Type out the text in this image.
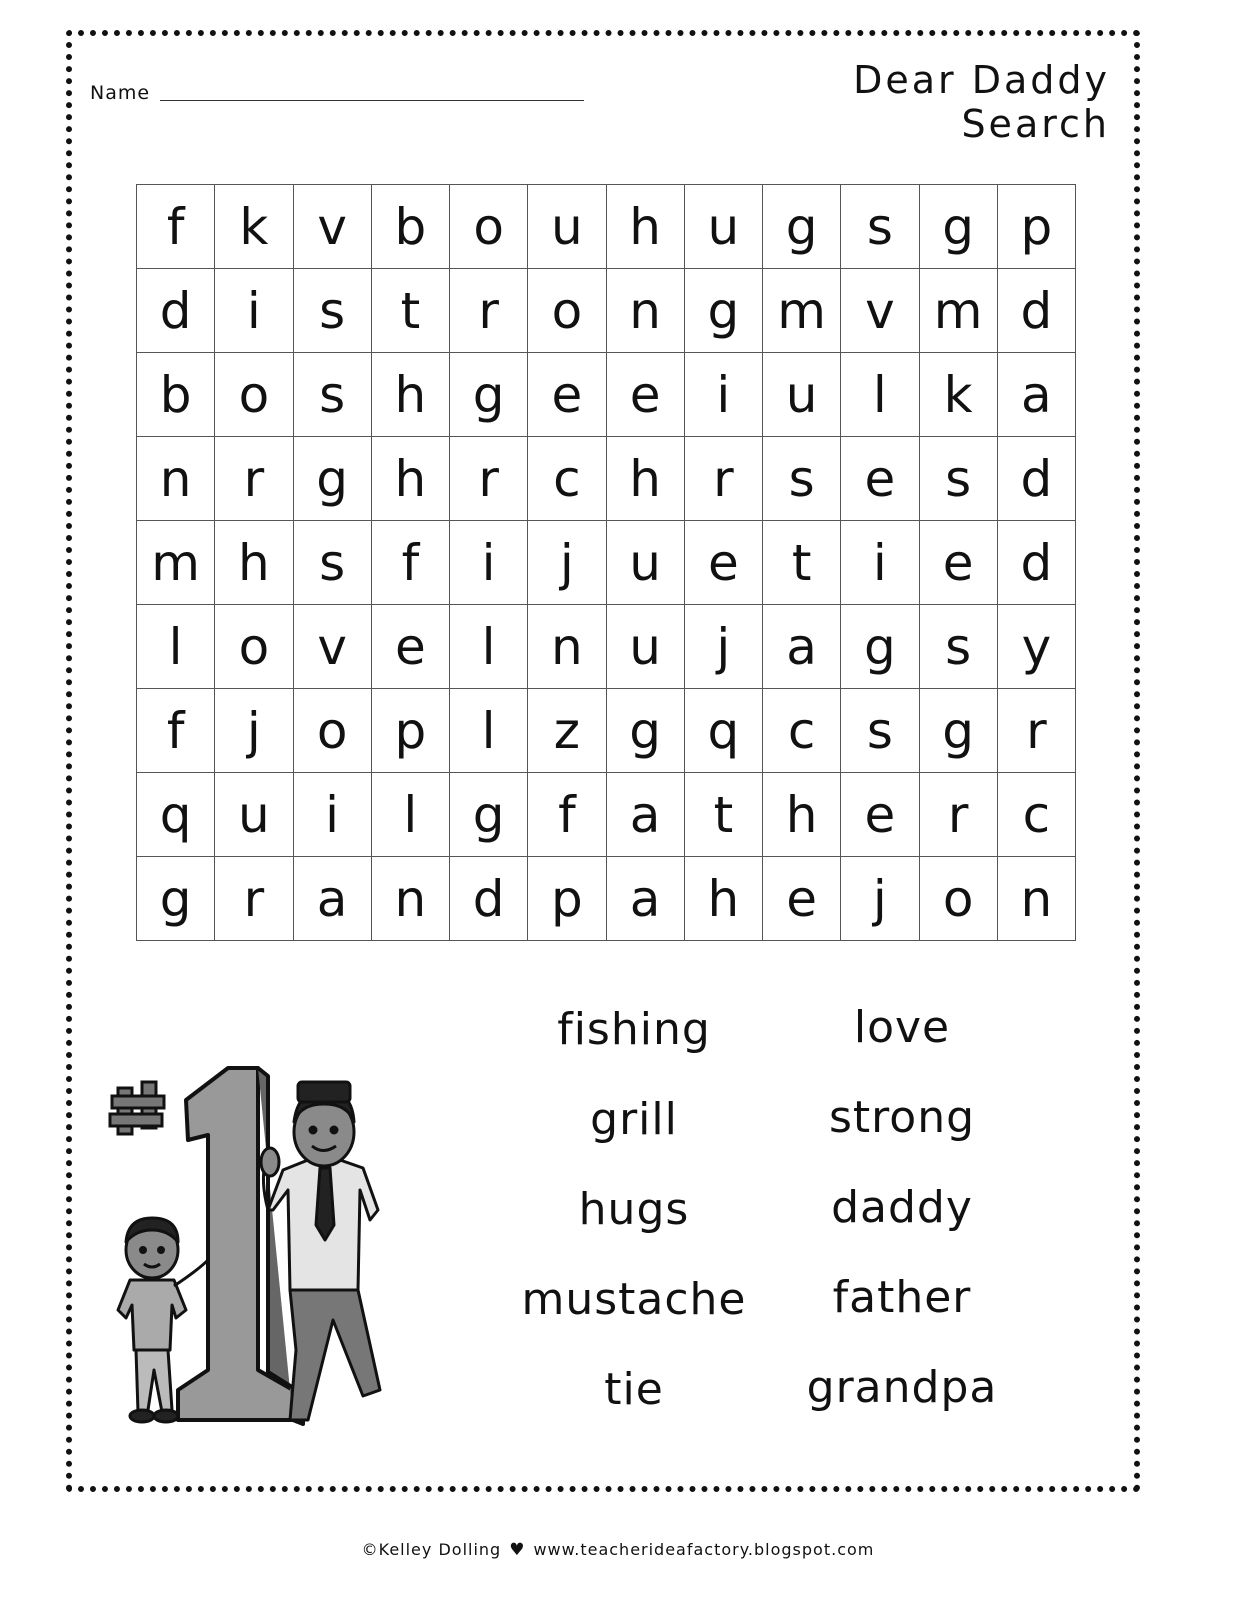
Name	Dear Daddy Search
f	k v b o u h u g s g p
d	i	s	t	r	o n g m v m d
b o s h g e e	i	u	l	k a
n	r	g h	r	c h	r	s e s d
m h s	f	i	j	u e	t	i	e d
l	o v e	l	n u	j	a g s	y
f	j	o p	l	z g q c	s g	r
q u	i	l	g	f	a	t	h e	r	c
g	r	a n d p a h e	j	o n
fishing
grill
hugs
mustache
tie
love
strong
daddy
father
grandpa
©Kelley Dolling ♥ www.teacherideafactory.blogspot.com
